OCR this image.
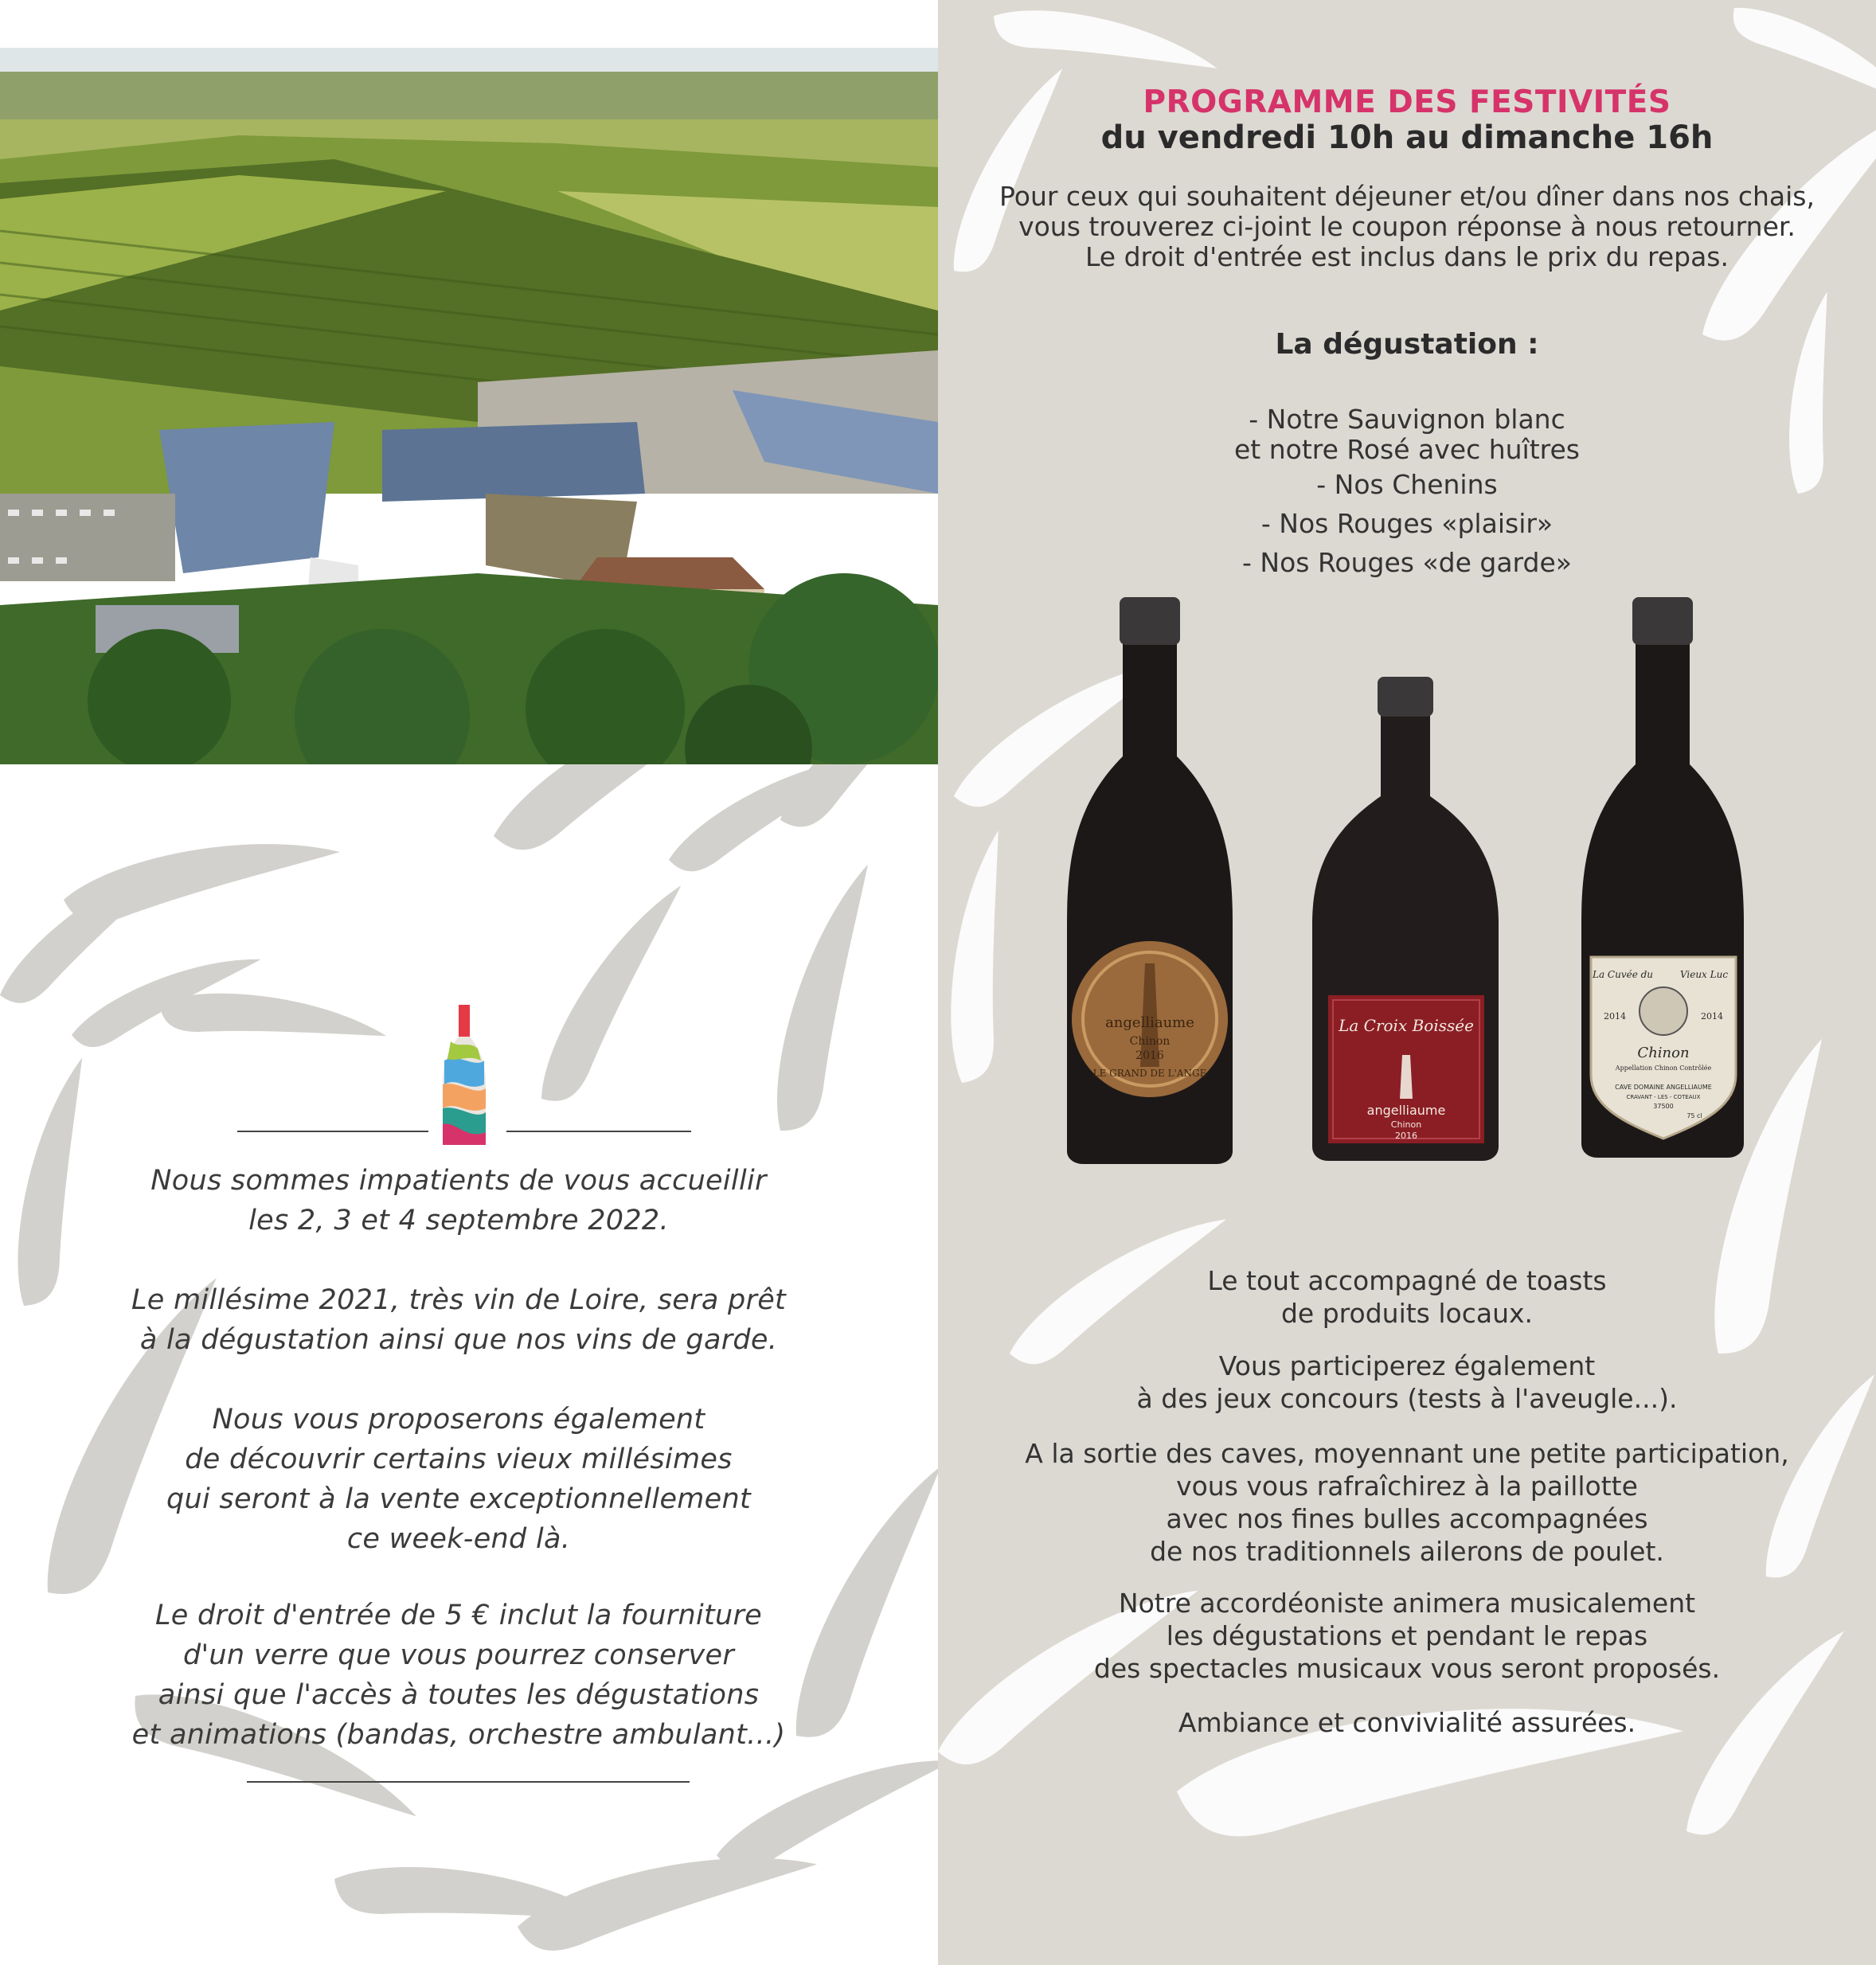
Nous sommes impatients de vous accueillir
les 2, 3 et 4 septembre 2022.
Le millésime 2021, très vin de Loire, sera prêt
à la dégustation ainsi que nos vins de garde.
Nous vous proposerons également
de découvrir certains vieux millésimes
qui seront à la vente exceptionnellement
ce week-end là.
Le droit d'entrée de 5 € inclut la fourniture
d'un verre que vous pourrez conserver
ainsi que l'accès à toutes les dégustations
et animations (bandas, orchestre ambulant...)
PROGRAMME DES FESTIVITÉS
du vendredi 10h au dimanche 16h
Pour ceux qui souhaitent déjeuner et/ou dîner dans nos chais,
vous trouverez ci-joint le coupon réponse à nous retourner.
Le droit d'entrée est inclus dans le prix du repas.
La dégustation :
- Notre Sauvignon blanc
et notre Rosé avec huîtres
- Nos Chenins
- Nos Rouges «plaisir»
- Nos Rouges «de garde»
angelliaume
Chinon
2016
LE GRAND DE L'ANGE
La Croix Boissée
angelliaume
Chinon
2016
La Cuvée du	Vieux Luc
2014	2014
Chinon
Appellation Chinon Contrôlée
CAVE DOMAINE ANGELLIAUME
CRAVANT - LES - COTEAUX
37500
75 cl
Le tout accompagné de toasts
de produits locaux.
Vous participerez également
à des jeux concours (tests à l'aveugle...).
A la sortie des caves, moyennant une petite participation,
vous vous rafraîchirez à la paillotte
avec nos fines bulles accompagnées
de nos traditionnels ailerons de poulet.
Notre accordéoniste animera musicalement
les dégustations et pendant le repas
des spectacles musicaux vous seront proposés.
Ambiance et convivialité assurées.
